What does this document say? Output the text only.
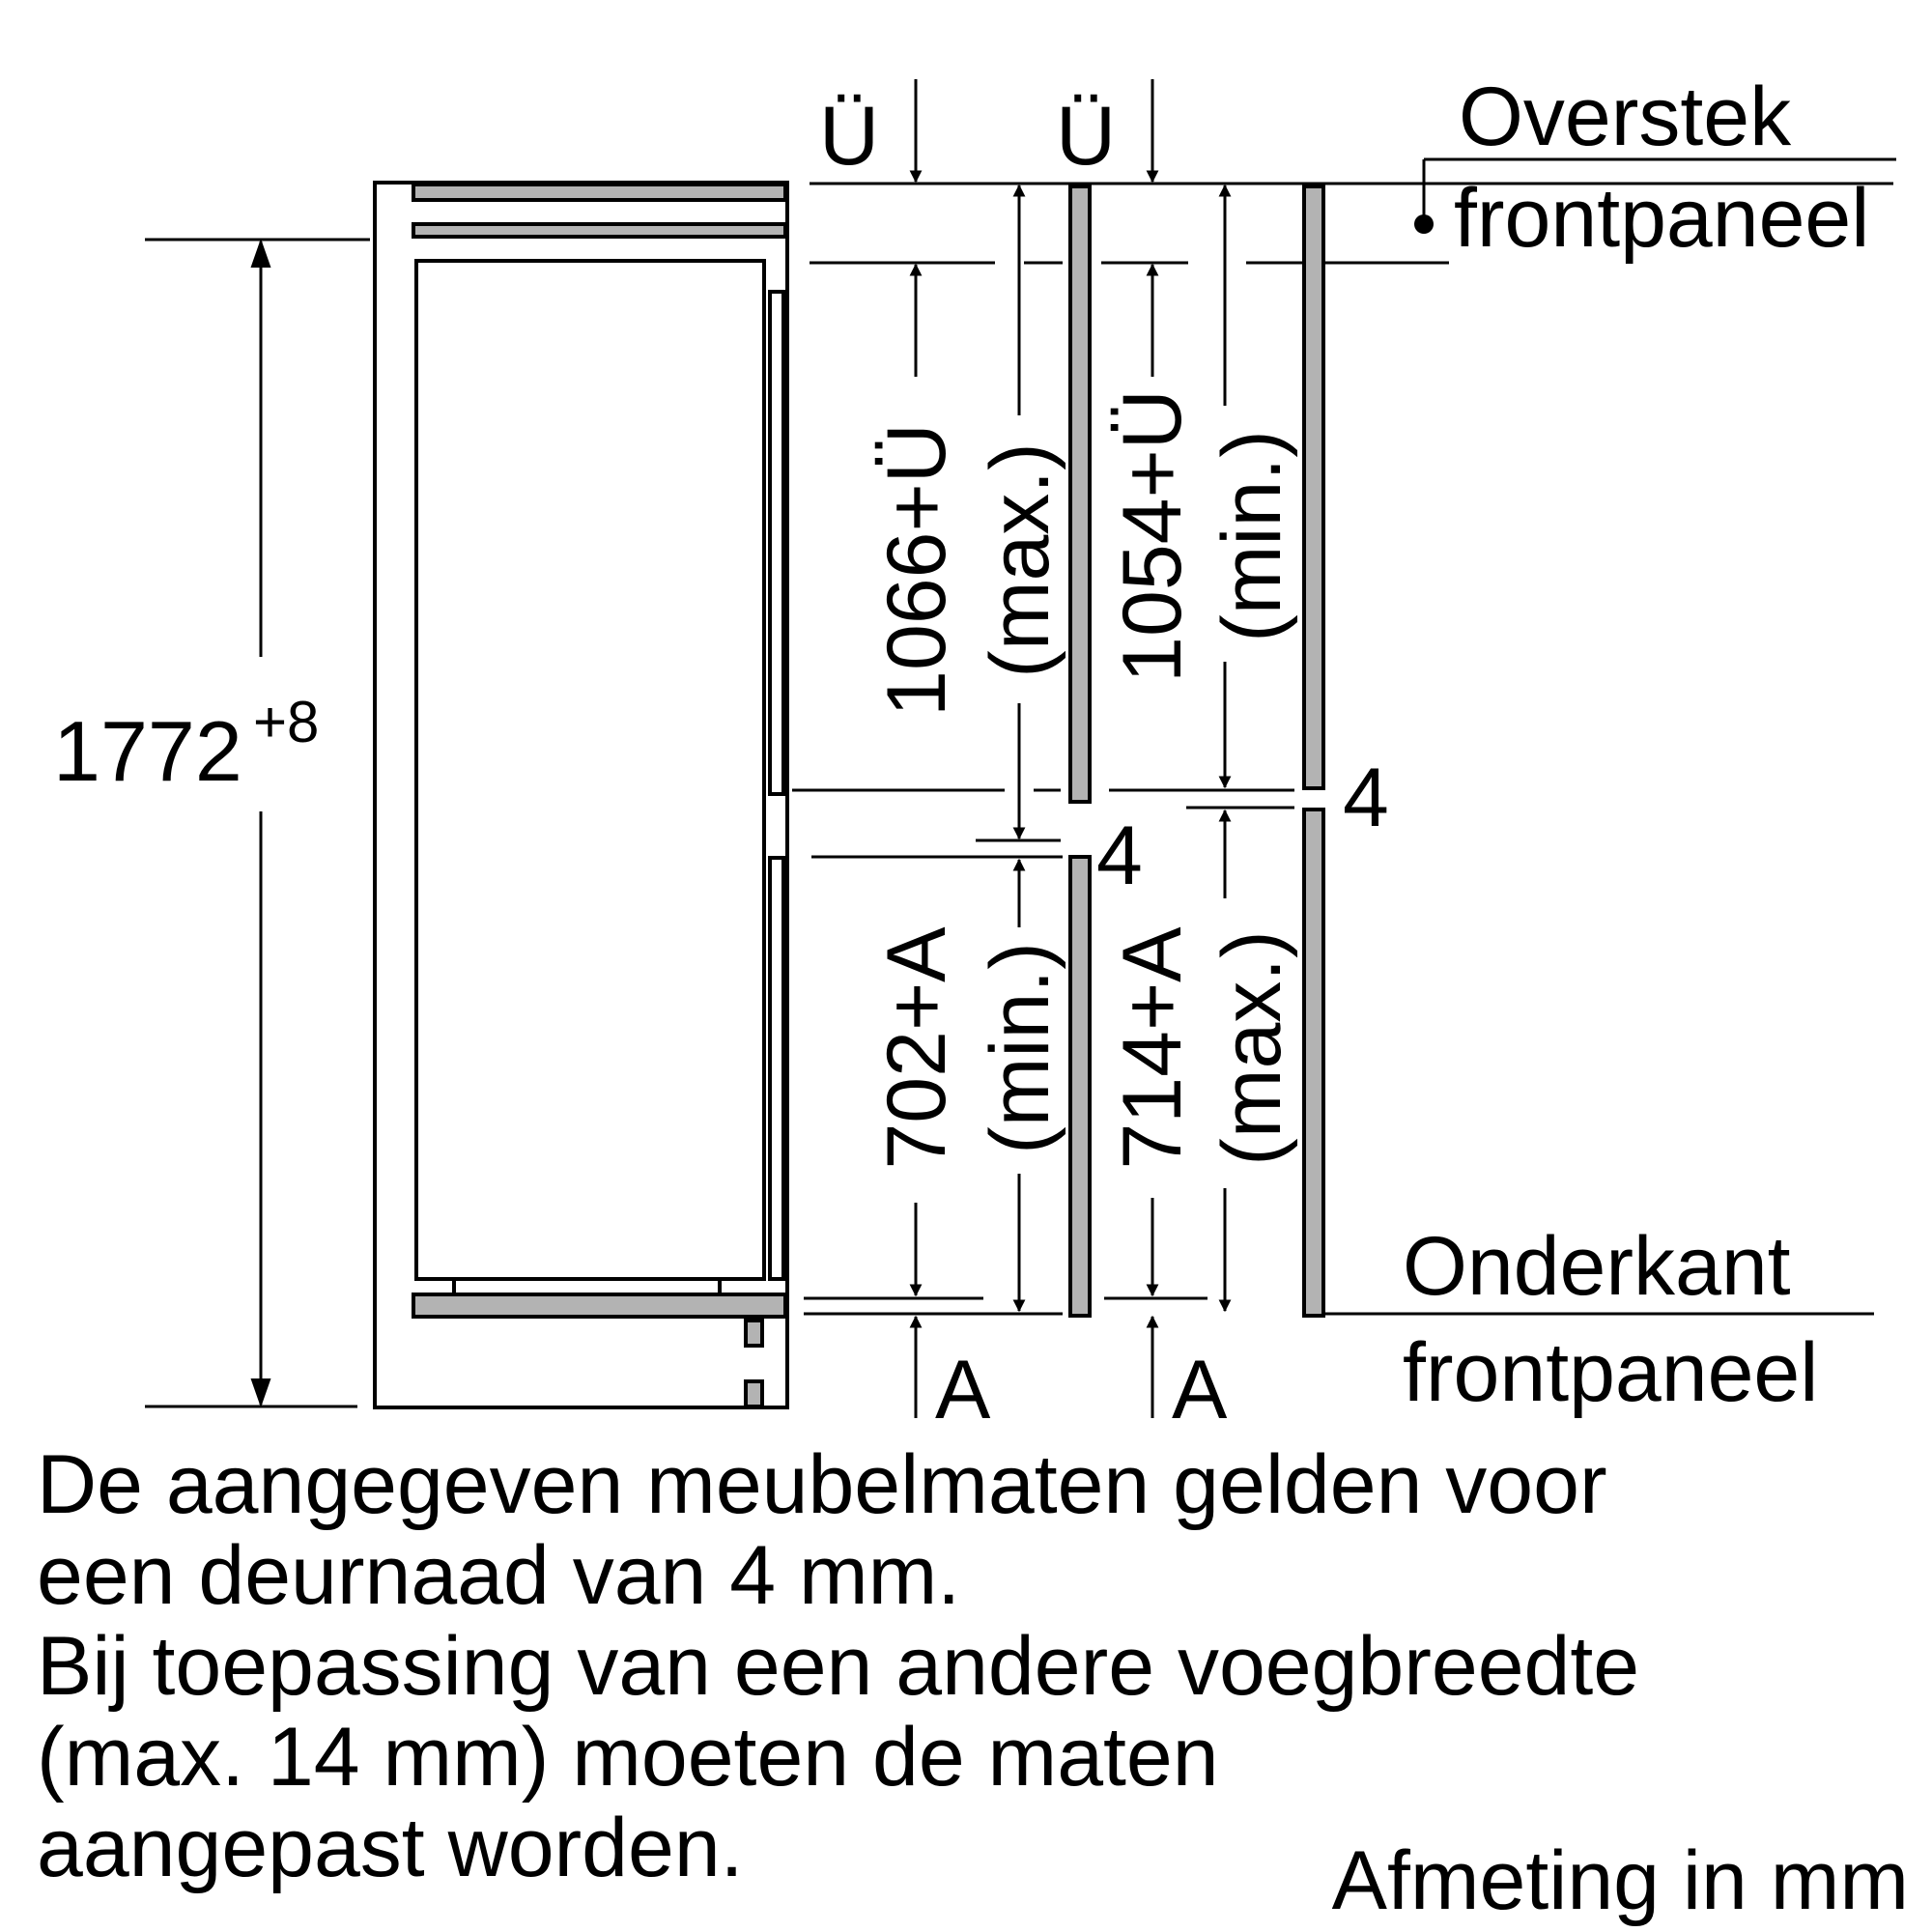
1772 +8
Ü Ü	Overstek
frontpaneel
Onderkant
frontpaneel
1066+Ü (max.) 1054+Ü (min.)
702+A (min.) 714+A (max.)
4
4
A A
De aangegeven meubelmaten gelden voor
een deurnaad van 4 mm.
Bij toepassing van een andere voegbreedte
(max. 14 mm) moeten de maten
aangepast worden.	Afmeting in mm
